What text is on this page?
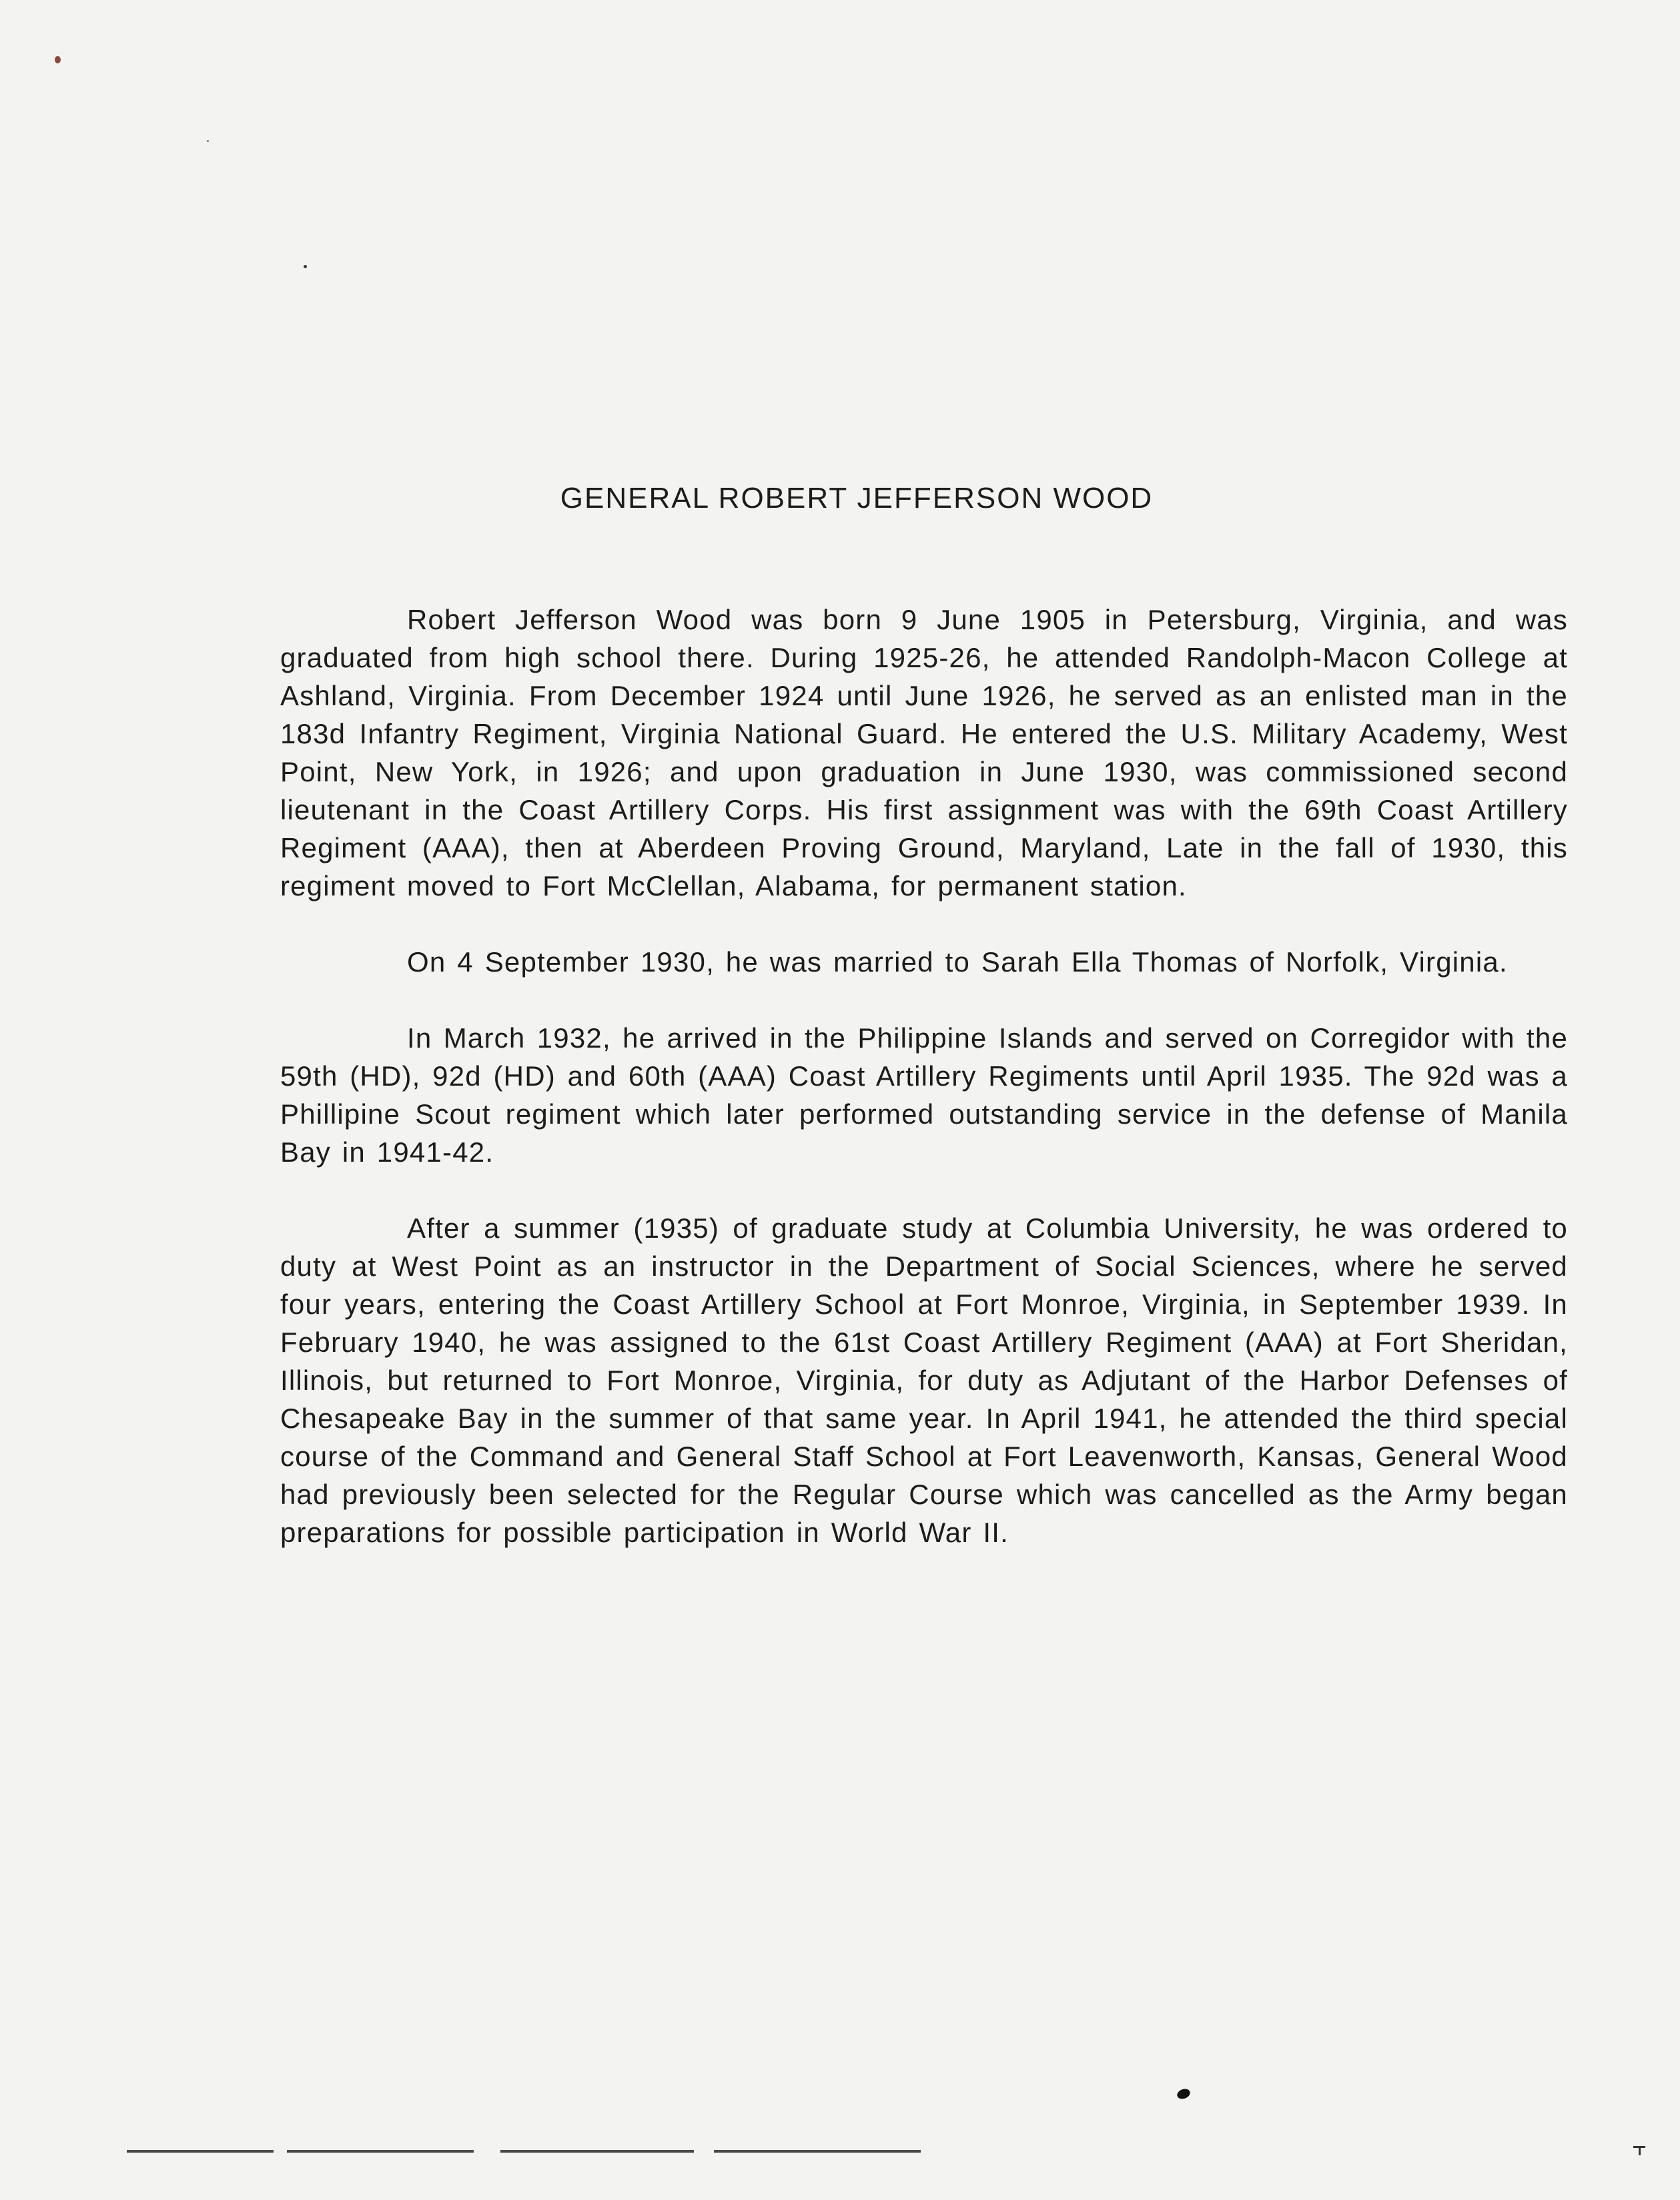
GENERAL ROBERT JEFFERSON WOOD

Robert Jefferson Wood was born 9 June 1905 in Petersburg, Virginia, and was graduated from high school there. During 1925-26, he attended Randolph-Macon College at Ashland, Virginia. From December 1924 until June 1926, he served as an enlisted man in the 183d Infantry Regiment, Virginia National Guard. He entered the U.S. Military Academy, West Point, New York, in 1926; and upon graduation in June 1930, was commissioned second lieutenant in the Coast Artillery Corps. His first assignment was with the 69th Coast Artillery Regiment (AAA), then at Aberdeen Proving Ground, Maryland, Late in the fall of 1930, this regiment moved to Fort McClellan, Alabama, for permanent station.

On 4 September 1930, he was married to Sarah Ella Thomas of Norfolk, Virginia.

In March 1932, he arrived in the Philippine Islands and served on Corregidor with the 59th (HD), 92d (HD) and 60th (AAA) Coast Artillery Regiments until April 1935. The 92d was a Phillipine Scout regiment which later performed outstanding service in the defense of Manila Bay in 1941-42.

After a summer (1935) of graduate study at Columbia University, he was ordered to duty at West Point as an instructor in the Department of Social Sciences, where he served four years, entering the Coast Artillery School at Fort Monroe, Virginia, in September 1939. In February 1940, he was assigned to the 61st Coast Artillery Regiment (AAA) at Fort Sheridan, Illinois, but returned to Fort Monroe, Virginia, for duty as Adjutant of the Harbor Defenses of Chesapeake Bay in the summer of that same year. In April 1941, he attended the third special course of the Command and General Staff School at Fort Leavenworth, Kansas, General Wood had previously been selected for the Regular Course which was cancelled as the Army began preparations for possible participation in World War II.
